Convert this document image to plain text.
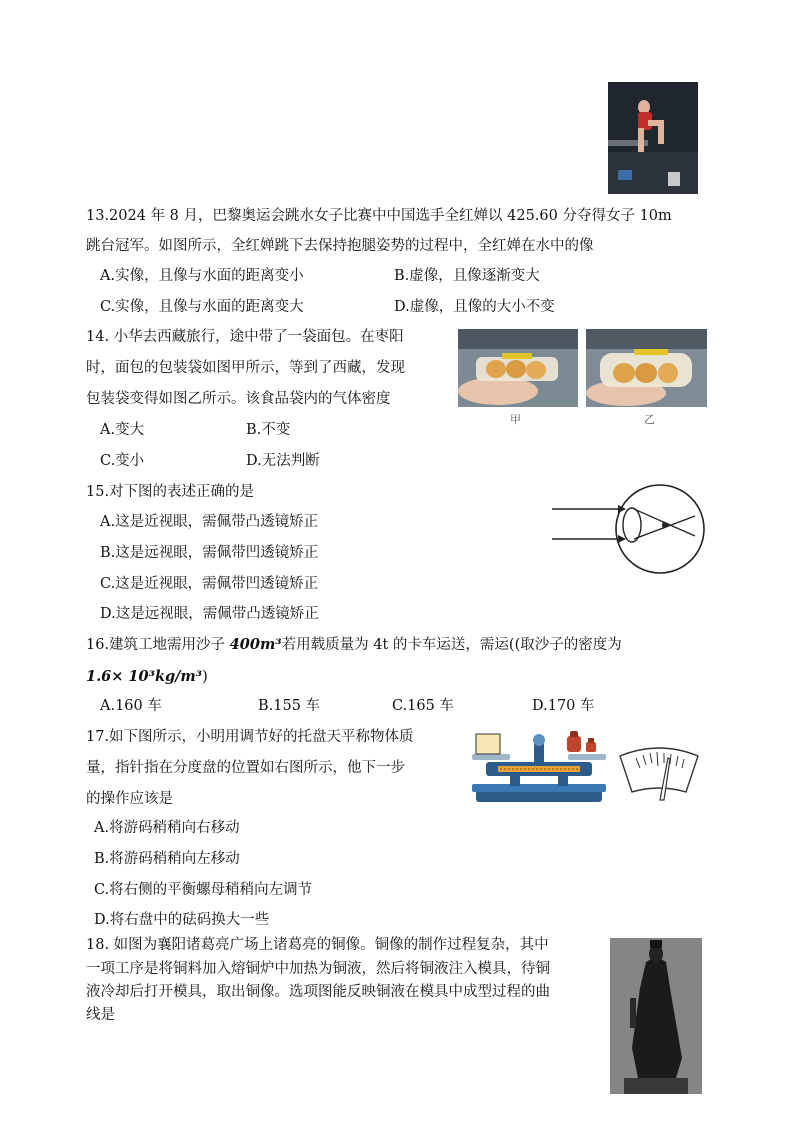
13.2024 年 8 月，巴黎奥运会跳水女子比赛中中国选手全红婵以 425.60 分夺得女子 10m
跳台冠军。如图所示，全红婵跳下去保持抱腿姿势的过程中，全红婵在水中的像
A.实像，且像与水面的距离变小	B.虚像，且像逐渐变大
C.实像，且像与水面的距离变大	D.虚像，且像的大小不变
14. 小华去西藏旅行，途中带了一袋面包。在枣阳
时，面包的包装袋如图甲所示，等到了西藏，发现
包装袋变得如图乙所示。该食品袋内的气体密度
A.变大	B.不变
C.变小	D.无法判断
甲	乙
15.对下图的表述正确的是
A.这是近视眼，需佩带凸透镜矫正
B.这是远视眼，需佩带凹透镜矫正
C.这是近视眼，需佩带凹透镜矫正
D.这是远视眼，需佩带凸透镜矫正
16.建筑工地需用沙子 400m³若用载质量为 4t 的卡车运送，需运((取沙子的密度为
1.6× 10³kg/m³)
A.160 车	B.155 车	C.165 车	D.170 车
17.如下图所示，小明用调节好的托盘天平称物体质
量，指针指在分度盘的位置如右图所示，他下一步
的操作应该是
A.将游码稍稍向右移动
B.将游码稍稍向左移动
C.将右侧的平衡螺母稍稍向左调节
D.将右盘中的砝码换大一些
18. 如图为襄阳诸葛亮广场上诸葛亮的铜像。铜像的制作过程复杂，其中
一项工序是将铜料加入熔铜炉中加热为铜液，然后将铜液注入模具，待铜
液冷却后打开模具，取出铜像。选项图能反映铜液在模具中成型过程的曲
线是
